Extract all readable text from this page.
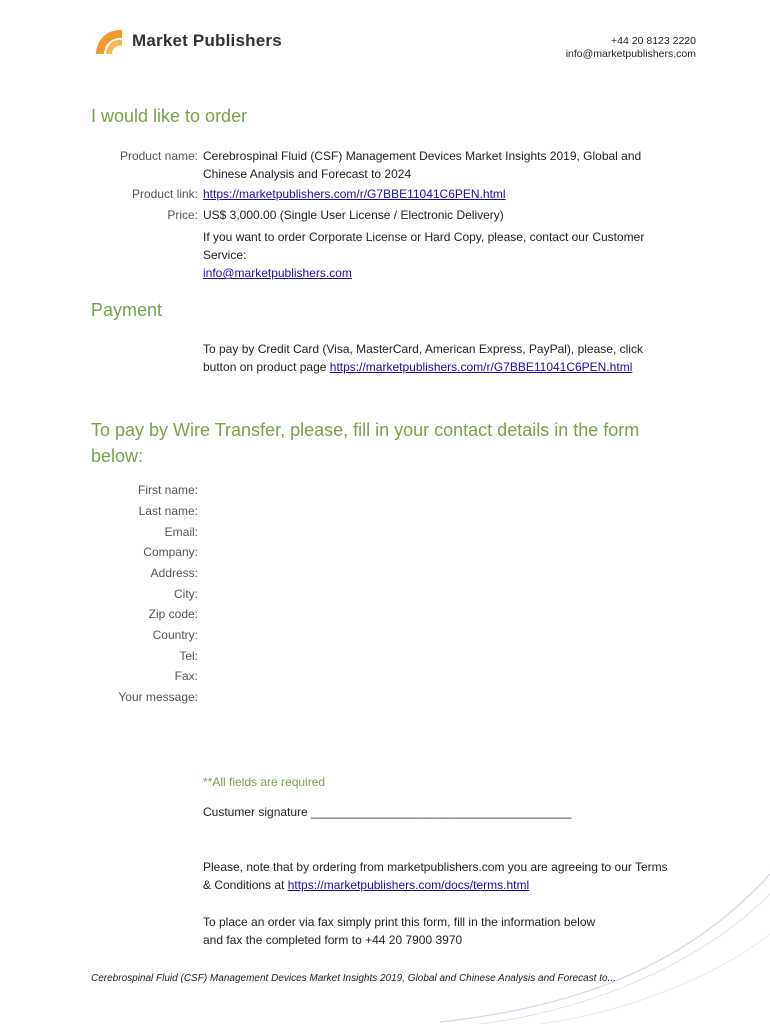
Market Publishers	+44 20 8123 2220
info@marketpublishers.com
I would like to order
Product name: Cerebrospinal Fluid (CSF) Management Devices Market Insights 2019, Global and
Chinese Analysis and Forecast to 2024
Product link: https://marketpublishers.com/r/G7BBE11041C6PEN.html
Price: US$ 3,000.00 (Single User License / Electronic Delivery)
If you want to order Corporate License or Hard Copy, please, contact our Customer
Service:
info@marketpublishers.com
Payment
To pay by Credit Card (Visa, MasterCard, American Express, PayPal), please, click
button on product page https://marketpublishers.com/r/G7BBE11041C6PEN.html
To pay by Wire Transfer, please, fill in your contact details in the form
below:
First name:
Last name:
Email:
Company:
Address:
City:
Zip code:
Country:
Tel:
Fax:
Your message:
**All fields are required
Custumer signature _______________________________________
Please, note that by ordering from marketpublishers.com you are agreeing to our Terms
& Conditions at https://marketpublishers.com/docs/terms.html
To place an order via fax simply print this form, fill in the information below
and fax the completed form to +44 20 7900 3970
Cerebrospinal Fluid (CSF) Management Devices Market Insights 2019, Global and Chinese Analysis and Forecast to...
